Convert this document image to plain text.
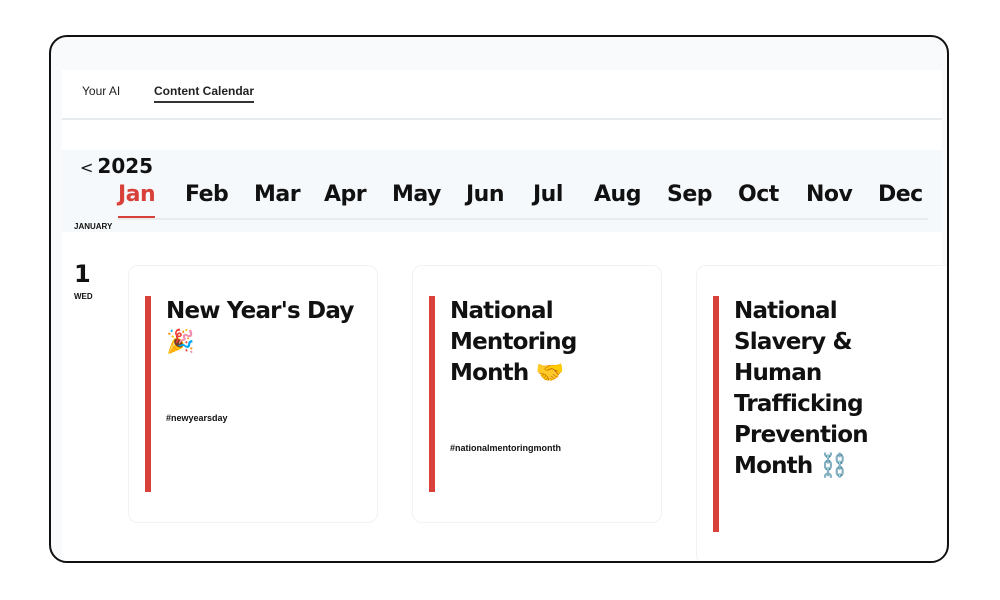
Your AI	Content Calendar
< 2025
Jan Feb Mar Apr May Jun Jul Aug Sep Oct Nov Dec
JANUARY
1
WED
New Year's Day 🎉
#newyearsday
National Mentoring Month 🤝
#nationalmentoringmonth
National Slavery & Human Trafficking Prevention Month ⛓️
